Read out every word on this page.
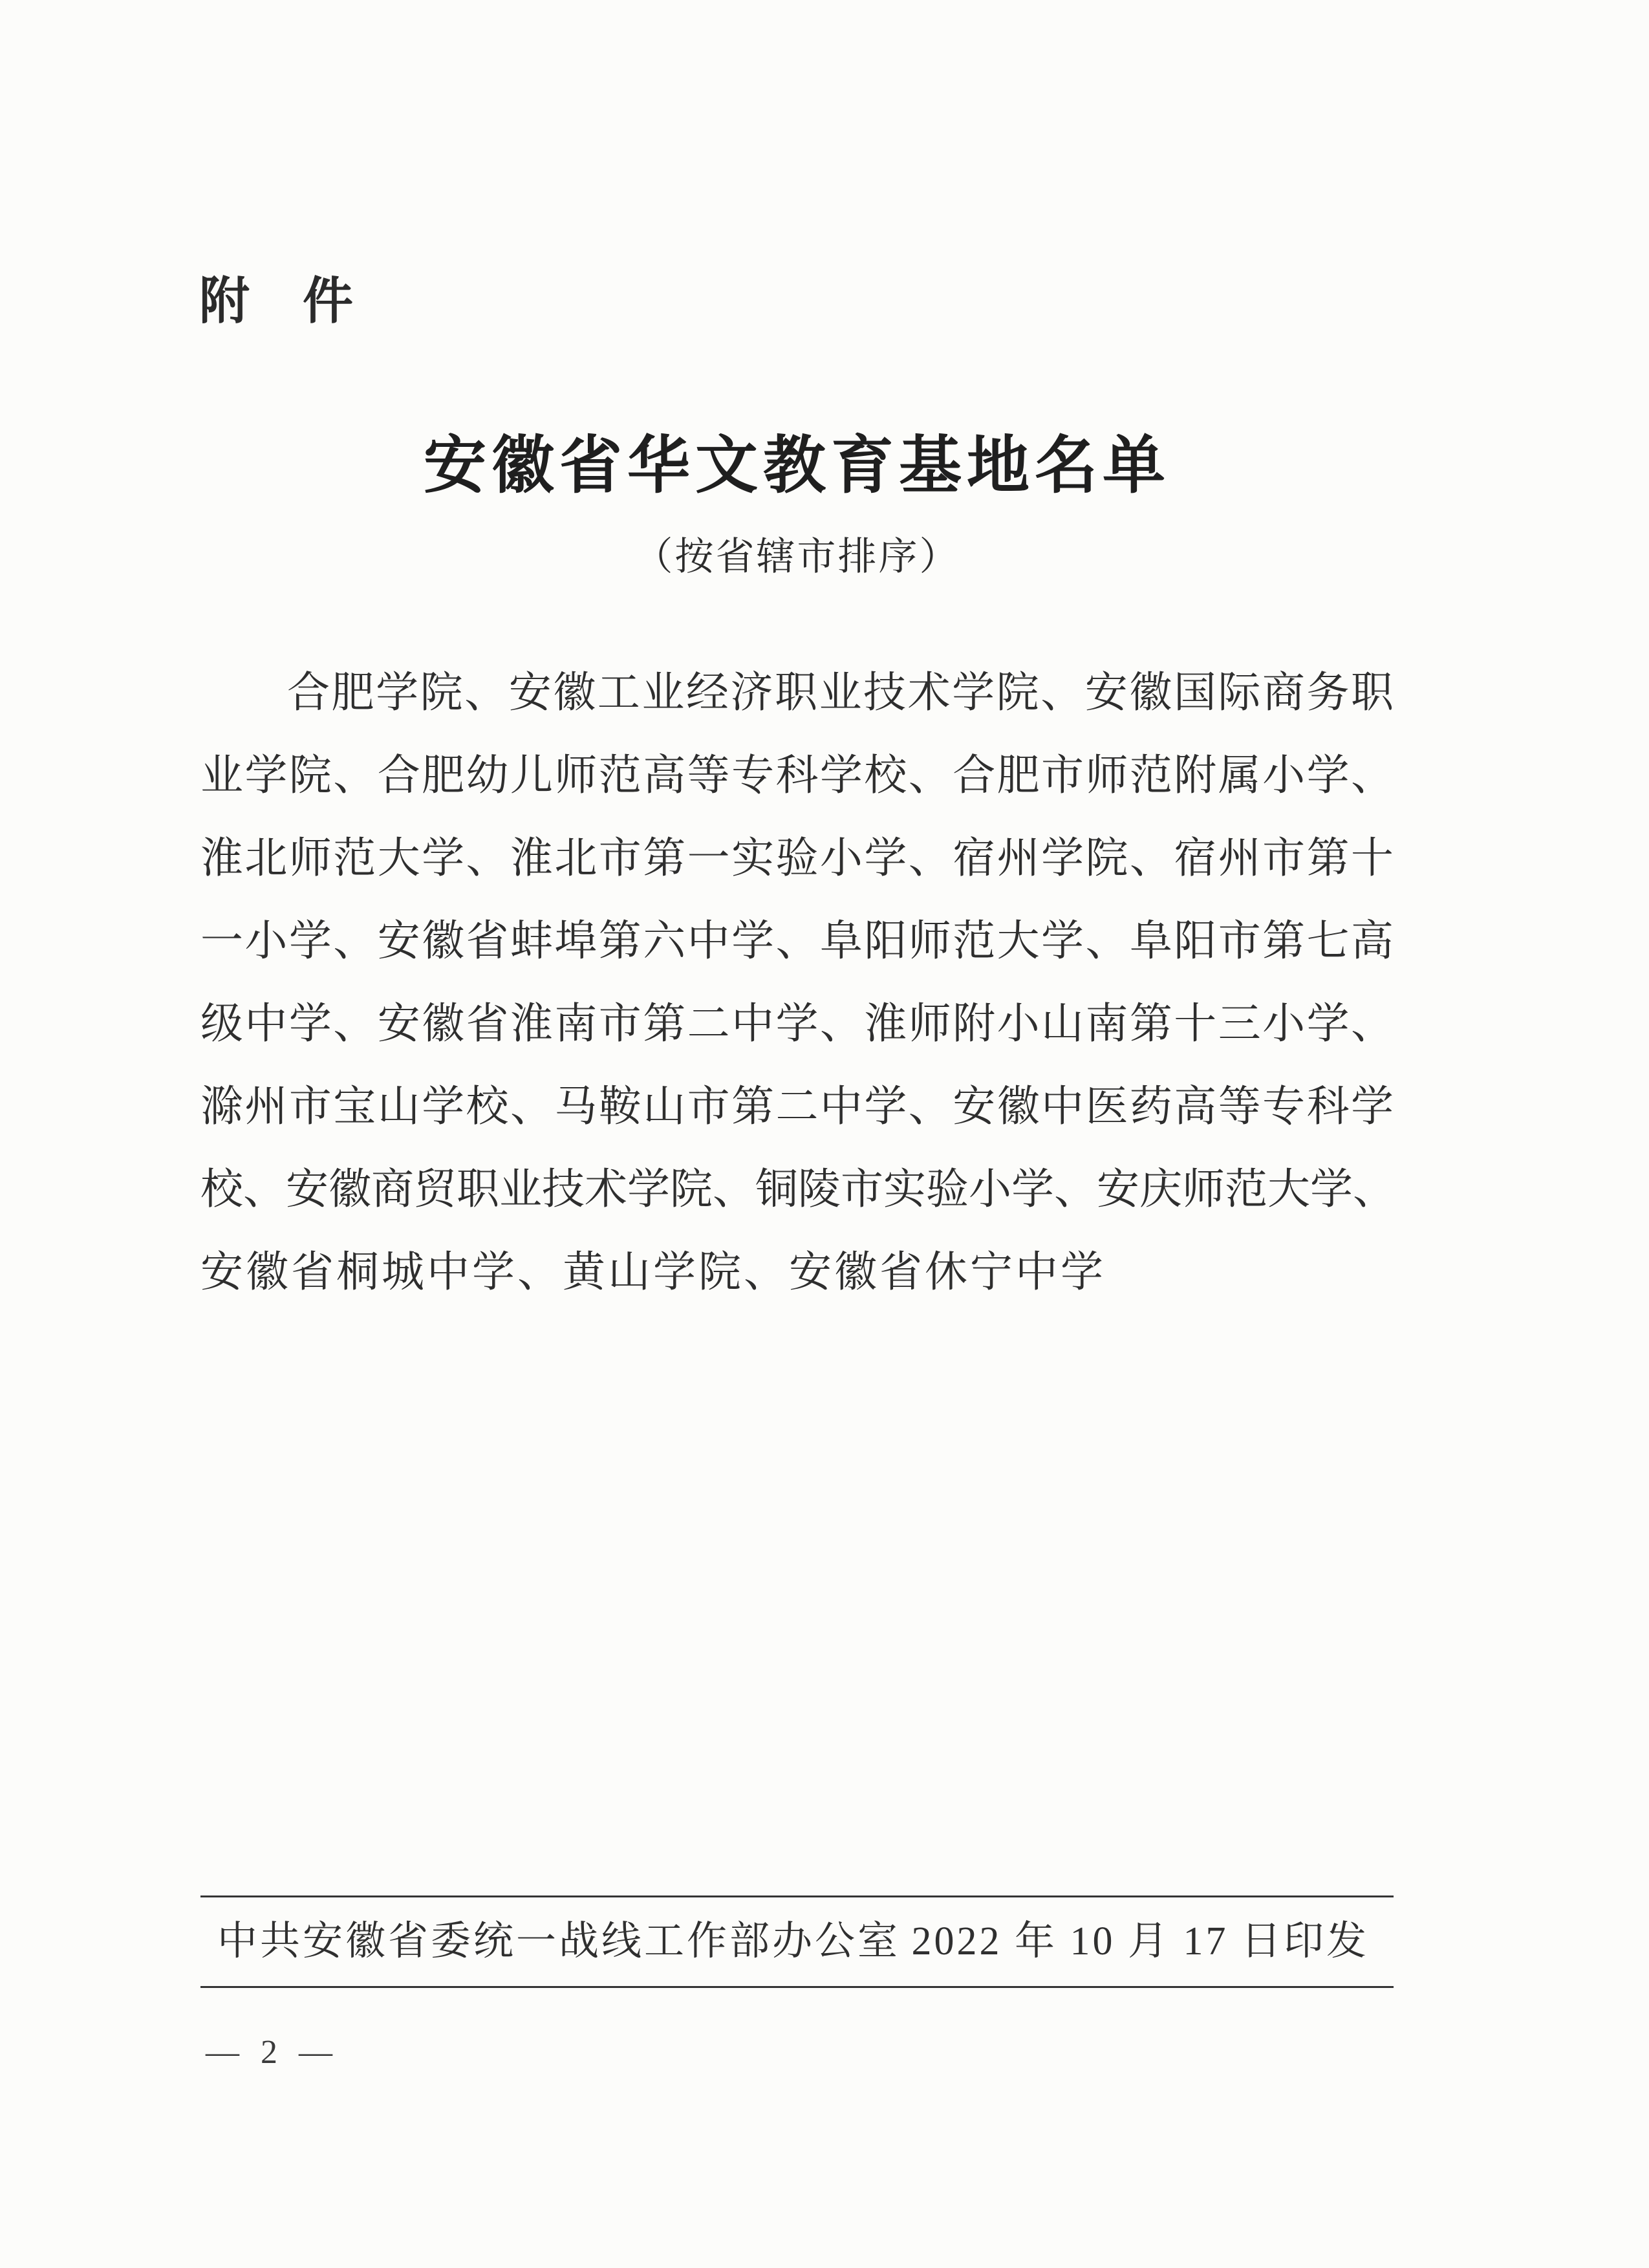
附　件
安徽省华文教育基地名单
（按省辖市排序）
合肥学院、安徽工业经济职业技术学院、安徽国际商务职
业学院、合肥幼儿师范高等专科学校、合肥市师范附属小学、
淮北师范大学、淮北市第一实验小学、宿州学院、宿州市第十
一小学、安徽省蚌埠第六中学、阜阳师范大学、阜阳市第七高
级中学、安徽省淮南市第二中学、淮师附小山南第十三小学、
滁州市宝山学校、马鞍山市第二中学、安徽中医药高等专科学
校、安徽商贸职业技术学院、铜陵市实验小学、安庆师范大学、
安徽省桐城中学、黄山学院、安徽省休宁中学
中共安徽省委统一战线工作部办公室 2022 年 10 月 17 日印发
— 2 —
